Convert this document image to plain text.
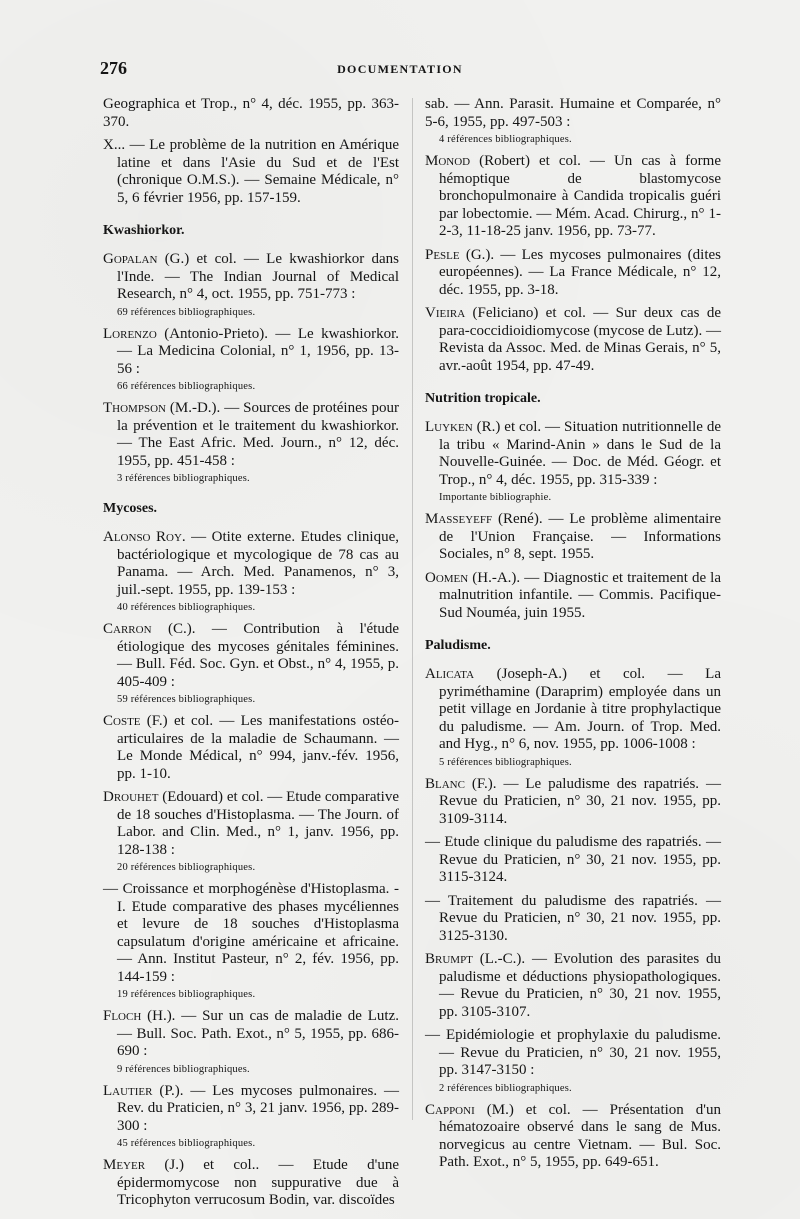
276	DOCUMENTATION
Geographica et Trop., n° 4, déc. 1955, pp. 363-370.
X... — Le problème de la nutrition en Amérique latine et dans l'Asie du Sud et de l'Est (chronique O.M.S.). — Semaine Médicale, n° 5, 6 février 1956, pp. 157-159.
Kwashiorkor.
Gopalan (G.) et col. — Le kwashiorkor dans l'Inde. — The Indian Journal of Medical Research, n° 4, oct. 1955, pp. 751-773 :
69 références bibliographiques.
Lorenzo (Antonio-Prieto). — Le kwashiorkor. — La Medicina Colonial, n° 1, 1956, pp. 13-56 :
66 références bibliographiques.
Thompson (M.-D.). — Sources de protéines pour la prévention et le traitement du kwashiorkor. — The East Afric. Med. Journ., n° 12, déc. 1955, pp. 451-458 :
3 références bibliographiques.
Mycoses.
Alonso Roy. — Otite externe. Etudes clinique, bactériologique et mycologique de 78 cas au Panama. — Arch. Med. Panamenos, n° 3, juil.-sept. 1955, pp. 139-153 :
40 références bibliographiques.
Carron (C.). — Contribution à l'étude étiologique des mycoses génitales féminines. — Bull. Féd. Soc. Gyn. et Obst., n° 4, 1955, p. 405-409 :
59 références bibliographiques.
Coste (F.) et col. — Les manifestations ostéo-articulaires de la maladie de Schaumann. — Le Monde Médical, n° 994, janv.-fév. 1956, pp. 1-10.
Drouhet (Edouard) et col. — Etude comparative de 18 souches d'Histoplasma. — The Journ. of Labor. and Clin. Med., n° 1, janv. 1956, pp. 128-138 :
20 références bibliographiques.
— Croissance et morphogénèse d'Histoplasma. - I. Etude comparative des phases mycéliennes et levure de 18 souches d'Histoplasma capsulatum d'origine américaine et africaine. — Ann. Institut Pasteur, n° 2, fév. 1956, pp. 144-159 :
19 références bibliographiques.
Floch (H.). — Sur un cas de maladie de Lutz. — Bull. Soc. Path. Exot., n° 5, 1955, pp. 686-690 :
9 références bibliographiques.
Lautier (P.). — Les mycoses pulmonaires. — Rev. du Praticien, n° 3, 21 janv. 1956, pp. 289-300 :
45 références bibliographiques.
Meyer (J.) et col.. — Etude d'une épidermomycose non suppurative due à Tricophyton verrucosum Bodin, var. discoïdes
sab. — Ann. Parasit. Humaine et Comparée, n° 5-6, 1955, pp. 497-503 :
4 références bibliographiques.
Monod (Robert) et col. — Un cas à forme hémoptique de blastomycose bronchopulmonaire à Candida tropicalis guéri par lobectomie. — Mém. Acad. Chirurg., n° 1-2-3, 11-18-25 janv. 1956, pp. 73-77.
Pesle (G.). — Les mycoses pulmonaires (dites européennes). — La France Médicale, n° 12, déc. 1955, pp. 3-18.
Vieira (Feliciano) et col. — Sur deux cas de para-coccidioidiomycose (mycose de Lutz). — Revista da Assoc. Med. de Minas Gerais, n° 5, avr.-août 1954, pp. 47-49.
Nutrition tropicale.
Luyken (R.) et col. — Situation nutritionnelle de la tribu « Marind-Anin » dans le Sud de la Nouvelle-Guinée. — Doc. de Méd. Géogr. et Trop., n° 4, déc. 1955, pp. 315-339 :
Importante bibliographie.
Masseyeff (René). — Le problème alimentaire de l'Union Française. — Informations Sociales, n° 8, sept. 1955.
Oomen (H.-A.). — Diagnostic et traitement de la malnutrition infantile. — Commis. Pacifique-Sud Nouméa, juin 1955.
Paludisme.
Alicata (Joseph-A.) et col. — La pyriméthamine (Daraprim) employée dans un petit village en Jordanie à titre prophylactique du paludisme. — Am. Journ. of Trop. Med. and Hyg., n° 6, nov. 1955, pp. 1006-1008 :
5 références bibliographiques.
Blanc (F.). — Le paludisme des rapatriés. — Revue du Praticien, n° 30, 21 nov. 1955, pp. 3109-3114.
— Etude clinique du paludisme des rapatriés. — Revue du Praticien, n° 30, 21 nov. 1955, pp. 3115-3124.
— Traitement du paludisme des rapatriés. — Revue du Praticien, n° 30, 21 nov. 1955, pp. 3125-3130.
Brumpt (L.-C.). — Evolution des parasites du paludisme et déductions physiopathologiques. — Revue du Praticien, n° 30, 21 nov. 1955, pp. 3105-3107.
— Epidémiologie et prophylaxie du paludisme. — Revue du Praticien, n° 30, 21 nov. 1955, pp. 3147-3150 :
2 références bibliographiques.
Capponi (M.) et col. — Présentation d'un hématozoaire observé dans le sang de Mus. norvegicus au centre Vietnam. — Bul. Soc. Path. Exot., n° 5, 1955, pp. 649-651.
